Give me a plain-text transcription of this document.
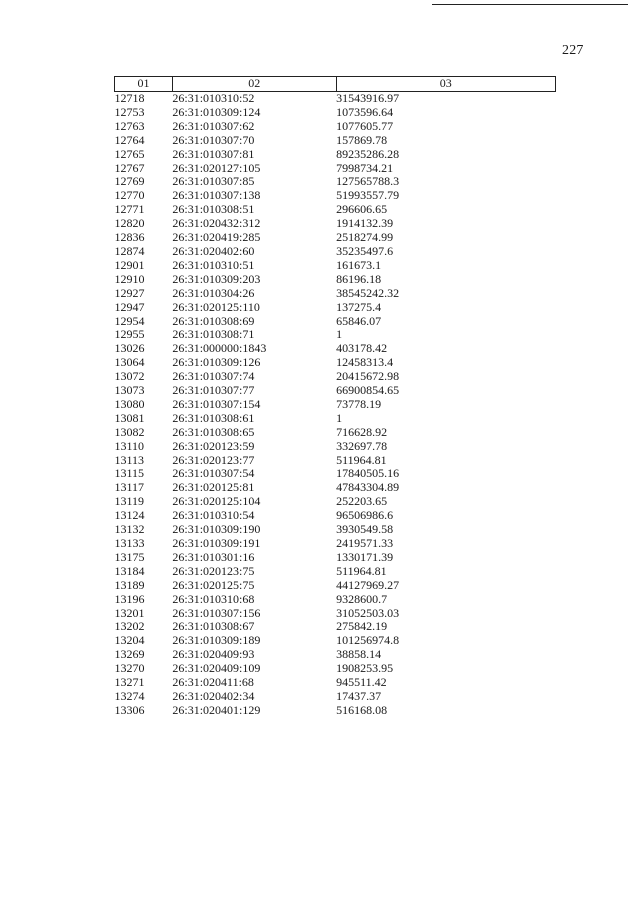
227
01	02	03
12718	26:31:010310:52	31543916.97
12753	26:31:010309:124	1073596.64
12763	26:31:010307:62	1077605.77
12764	26:31:010307:70	157869.78
12765	26:31:010307:81	89235286.28
12767	26:31:020127:105	7998734.21
12769	26:31:010307:85	127565788.3
12770	26:31:010307:138	51993557.79
12771	26:31:010308:51	296606.65
12820	26:31:020432:312	1914132.39
12836	26:31:020419:285	2518274.99
12874	26:31:020402:60	35235497.6
12901	26:31:010310:51	161673.1
12910	26:31:010309:203	86196.18
12927	26:31:010304:26	38545242.32
12947	26:31:020125:110	137275.4
12954	26:31:010308:69	65846.07
12955	26:31:010308:71	1
13026	26:31:000000:1843	403178.42
13064	26:31:010309:126	12458313.4
13072	26:31:010307:74	20415672.98
13073	26:31:010307:77	66900854.65
13080	26:31:010307:154	73778.19
13081	26:31:010308:61	1
13082	26:31:010308:65	716628.92
13110	26:31:020123:59	332697.78
13113	26:31:020123:77	511964.81
13115	26:31:010307:54	17840505.16
13117	26:31:020125:81	47843304.89
13119	26:31:020125:104	252203.65
13124	26:31:010310:54	96506986.6
13132	26:31:010309:190	3930549.58
13133	26:31:010309:191	2419571.33
13175	26:31:010301:16	1330171.39
13184	26:31:020123:75	511964.81
13189	26:31:020125:75	44127969.27
13196	26:31:010310:68	9328600.7
13201	26:31:010307:156	31052503.03
13202	26:31:010308:67	275842.19
13204	26:31:010309:189	101256974.8
13269	26:31:020409:93	38858.14
13270	26:31:020409:109	1908253.95
13271	26:31:020411:68	945511.42
13274	26:31:020402:34	17437.37
13306	26:31:020401:129	516168.08
